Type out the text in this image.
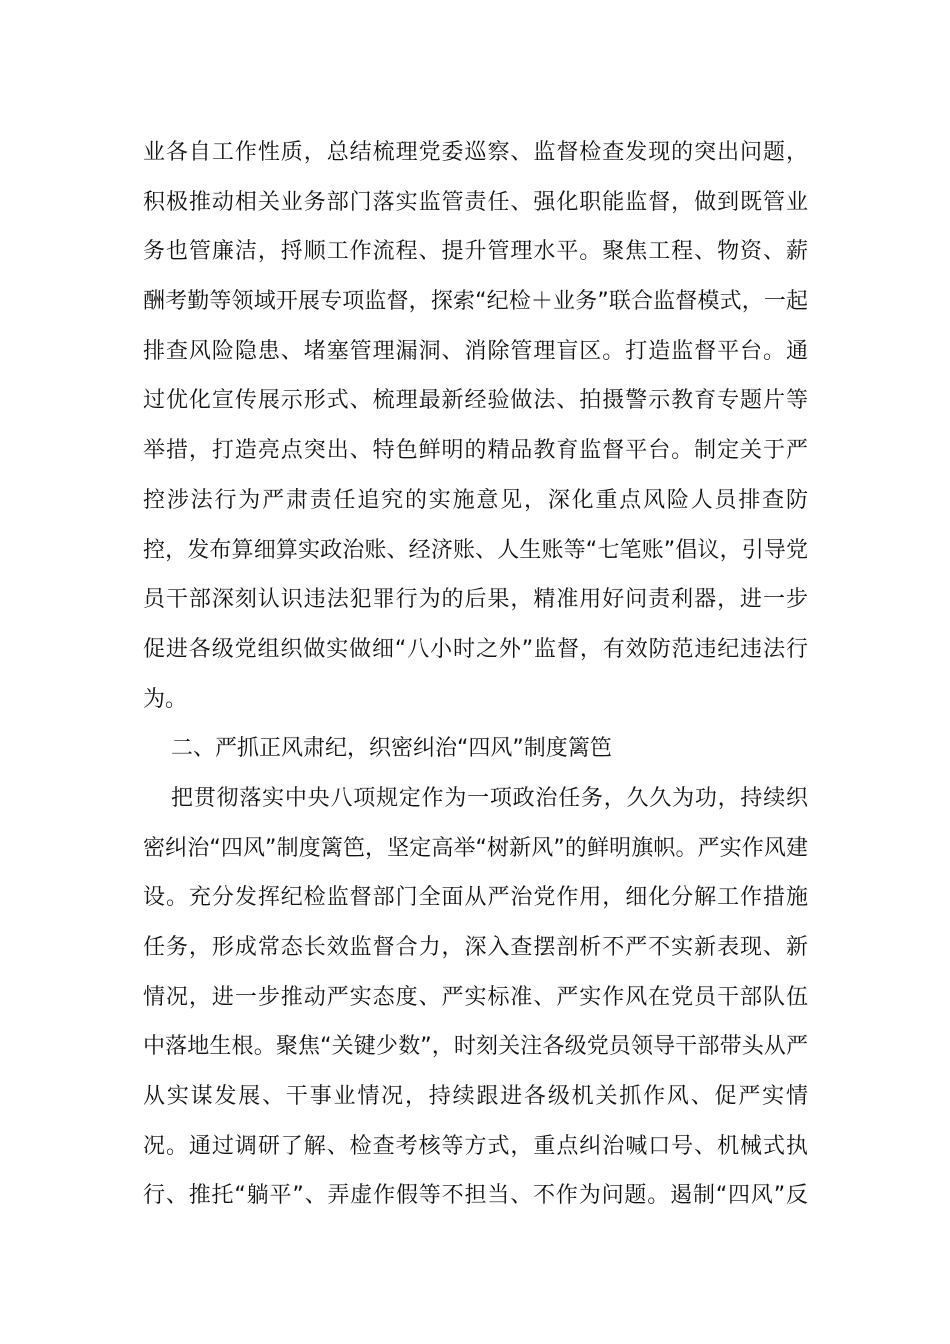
业各自工作性质，总结梳理党委巡察、监督检查发现的突出问题，
积极推动相关业务部门落实监管责任、强化职能监督，做到既管业
务也管廉洁，捋顺工作流程、提升管理水平。聚焦工程、物资、薪
酬考勤等领域开展专项监督，探索“纪检＋业务”联合监督模式，一起
排查风险隐患、堵塞管理漏洞、消除管理盲区。打造监督平台。通
过优化宣传展示形式、梳理最新经验做法、拍摄警示教育专题片等
举措，打造亮点突出、特色鲜明的精品教育监督平台。制定关于严
控涉法行为严肃责任追究的实施意见，深化重点风险人员排查防
控，发布算细算实政治账、经济账、人生账等“七笔账”倡议，引导党
员干部深刻认识违法犯罪行为的后果，精准用好问责利器，进一步
促进各级党组织做实做细“八小时之外”监督，有效防范违纪违法行
为。
二、严抓正风肃纪，织密纠治“四风”制度篱笆
把贯彻落实中央八项规定作为一项政治任务，久久为功，持续织
密纠治“四风”制度篱笆，坚定高举“树新风”的鲜明旗帜。严实作风建
设。充分发挥纪检监督部门全面从严治党作用，细化分解工作措施
任务，形成常态长效监督合力，深入查摆剖析不严不实新表现、新
情况，进一步推动严实态度、严实标准、严实作风在党员干部队伍
中落地生根。聚焦“关键少数”，时刻关注各级党员领导干部带头从严
从实谋发展、干事业情况，持续跟进各级机关抓作风、促严实情
况。通过调研了解、检查考核等方式，重点纠治喊口号、机械式执
行、推托“躺平”、弄虚作假等不担当、不作为问题。遏制“四风”反
